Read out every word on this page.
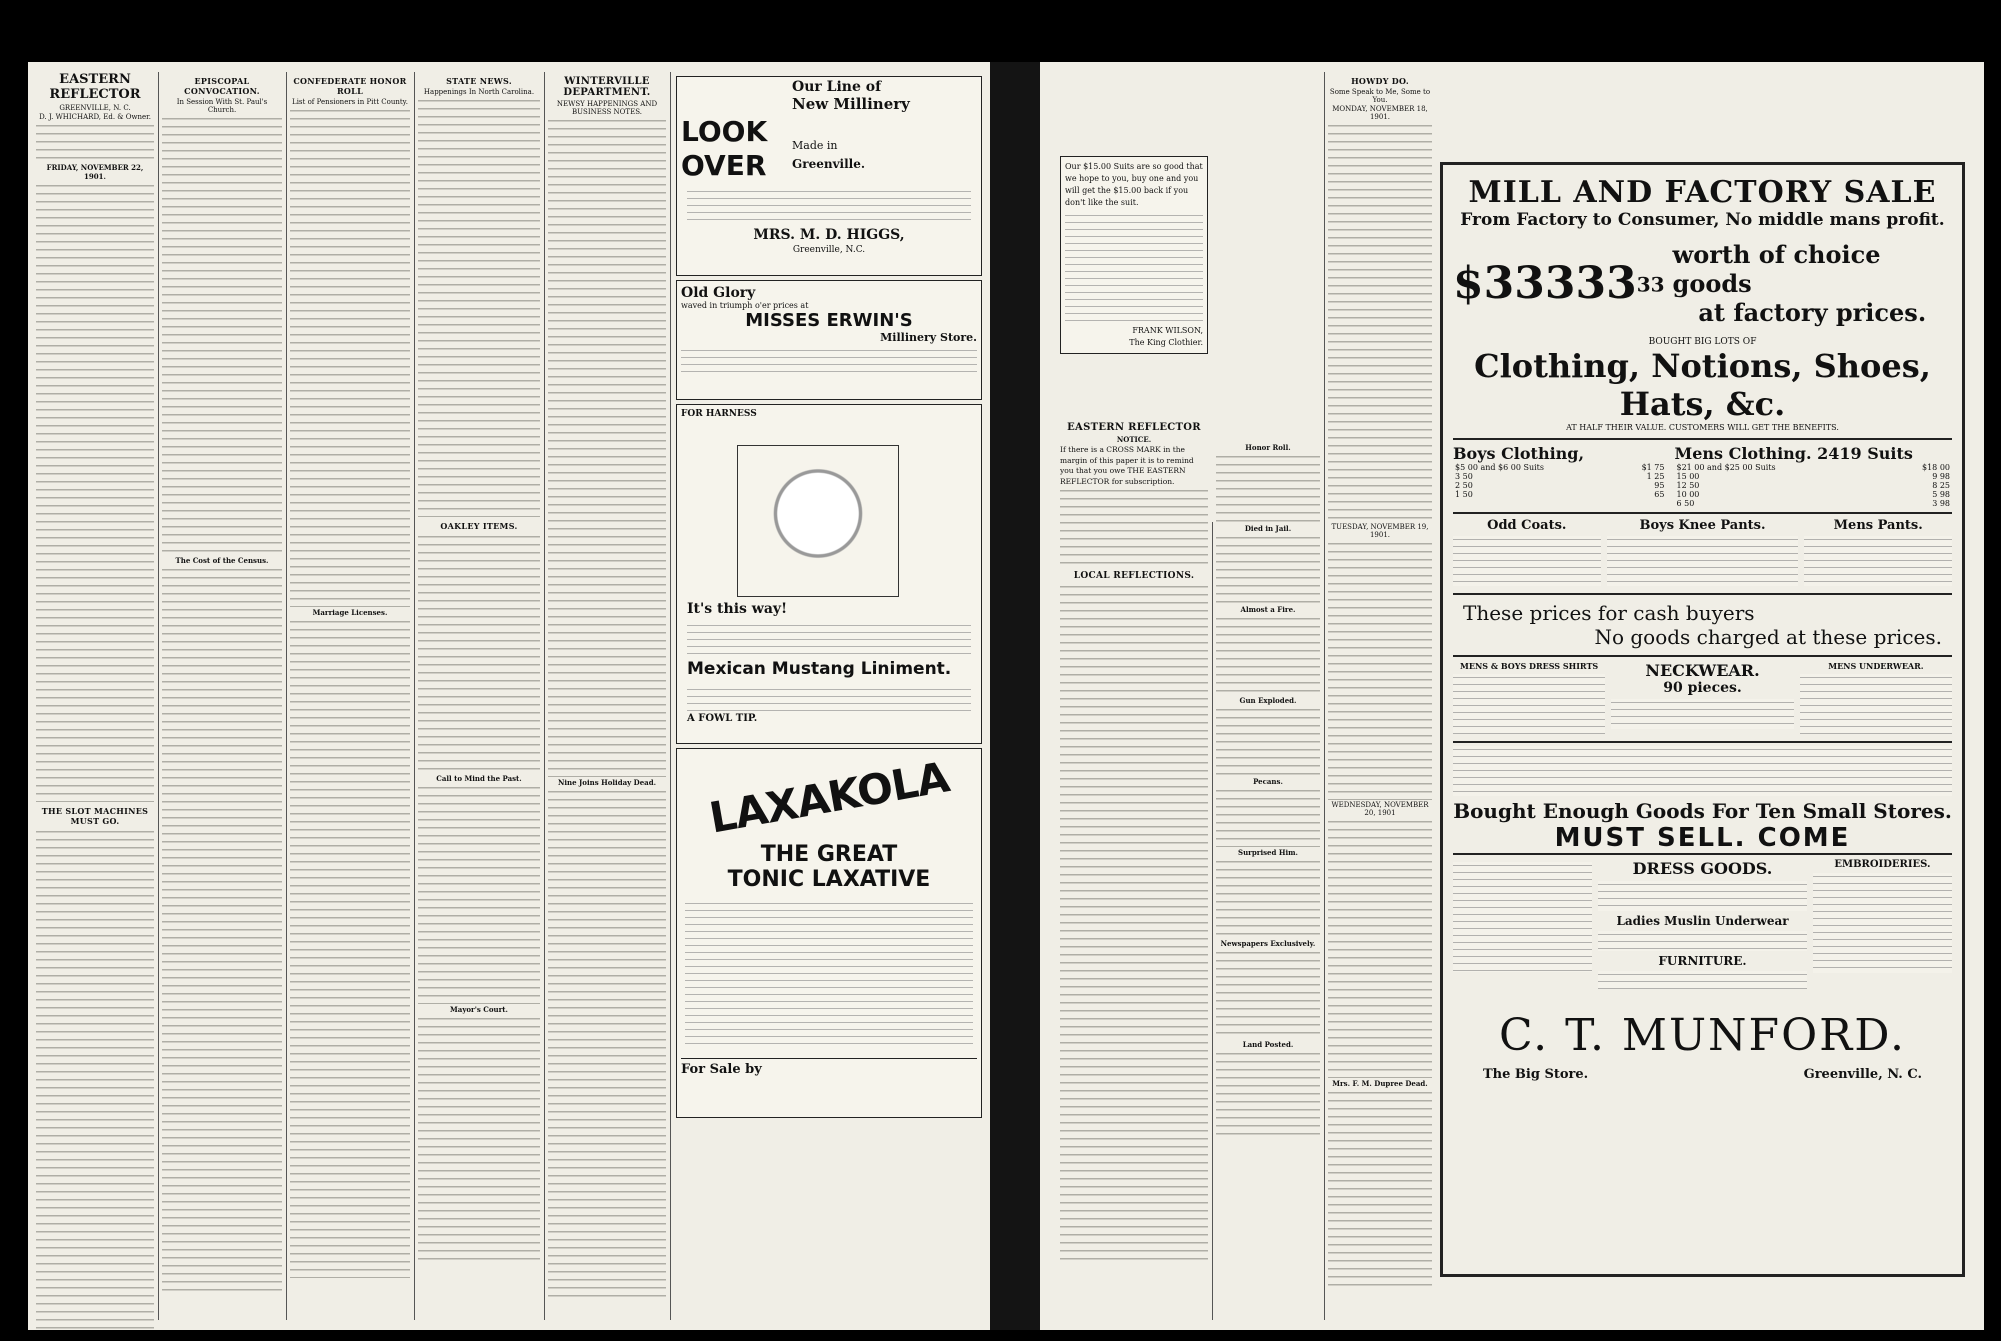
EASTERN REFLECTOR
GREENVILLE, N. C.
D. J. WHICHARD, Ed. & Owner.
FRIDAY, NOVEMBER 22, 1901.
THE SLOT MACHINES MUST GO.
EPISCOPAL CONVOCATION.
In Session With St. Paul's Church.
The Cost of the Census.
CONFEDERATE HONOR ROLL
List of Pensioners in Pitt County.
Marriage Licenses.
STATE NEWS.
Happenings In North Carolina.
OAKLEY ITEMS.
Call to Mind the Past.
Mayor's Court.
WINTERVILLE DEPARTMENT.
NEWSY HAPPENINGS AND BUSINESS NOTES.
Nine Joins Holiday Dead.
Our Line of
New Millinery
LOOK
OVER
Made in
Greenville.
MRS. M. D. HIGGS,
Greenville, N.C.
Old Glory
waved in triumph o'er prices at
MISSES ERWIN'S
Millinery Store.
FOR HARNESS
It's this way!
Mexican Mustang Liniment.
A FOWL TIP.
LAXAKOLA
THE GREAT
TONIC LAXATIVE
For Sale by
Our $15.00 Suits are so good that we hope to you, buy one and you will get the $15.00 back if you don't like the suit.
FRANK WILSON,
The King Clothier.
EASTERN REFLECTOR
NOTICE.
If there is a CROSS MARK in the margin of this paper it is to remind you that you owe THE EASTERN REFLECTOR for subscription.
LOCAL REFLECTIONS.
Honor Roll.
Died in Jail.
Almost a Fire.
Gun Exploded.
Pecans.
Surprised Him.
Newspapers Exclusively.
Land Posted.
HOWDY DO.
Some Speak to Me, Some to You.
MONDAY, NOVEMBER 18, 1901.
TUESDAY, NOVEMBER 19, 1901.
WEDNESDAY, NOVEMBER 20, 1901
Mrs. F. M. Dupree Dead.
MILL AND FACTORY SALE
From Factory to Consumer, No middle mans profit.
$33333$^{33}$
worth of choice goods
at factory prices.
BOUGHT BIG LOTS OF
Clothing, Notions, Shoes, Hats, &c.
AT HALF THEIR VALUE. CUSTOMERS WILL GET THE BENEFITS.
Boys Clothing,
$5 00 and $6 00 Suits	$1 75
3 50	1 25
2 50	95
1 50	65
Mens Clothing. 2419 Suits
$21 00 and $25 00 Suits	$18 00
15 00	9 98
12 50	8 25
10 00	5 98
6 50	3 98
Odd Coats.	Boys Knee Pants.	Mens Pants.
These prices for cash buyers
No goods charged at these prices.
MENS & BOYS DRESS SHIRTS	NECKWEAR.
90 pieces.
MENS UNDERWEAR.
Bought Enough Goods For Ten Small Stores.
MUST SELL. COME
DRESS GOODS.
Ladies Muslin Underwear
FURNITURE.
EMBROIDERIES.
C. T. MUNFORD.
The Big Store.	Greenville, N. C.
